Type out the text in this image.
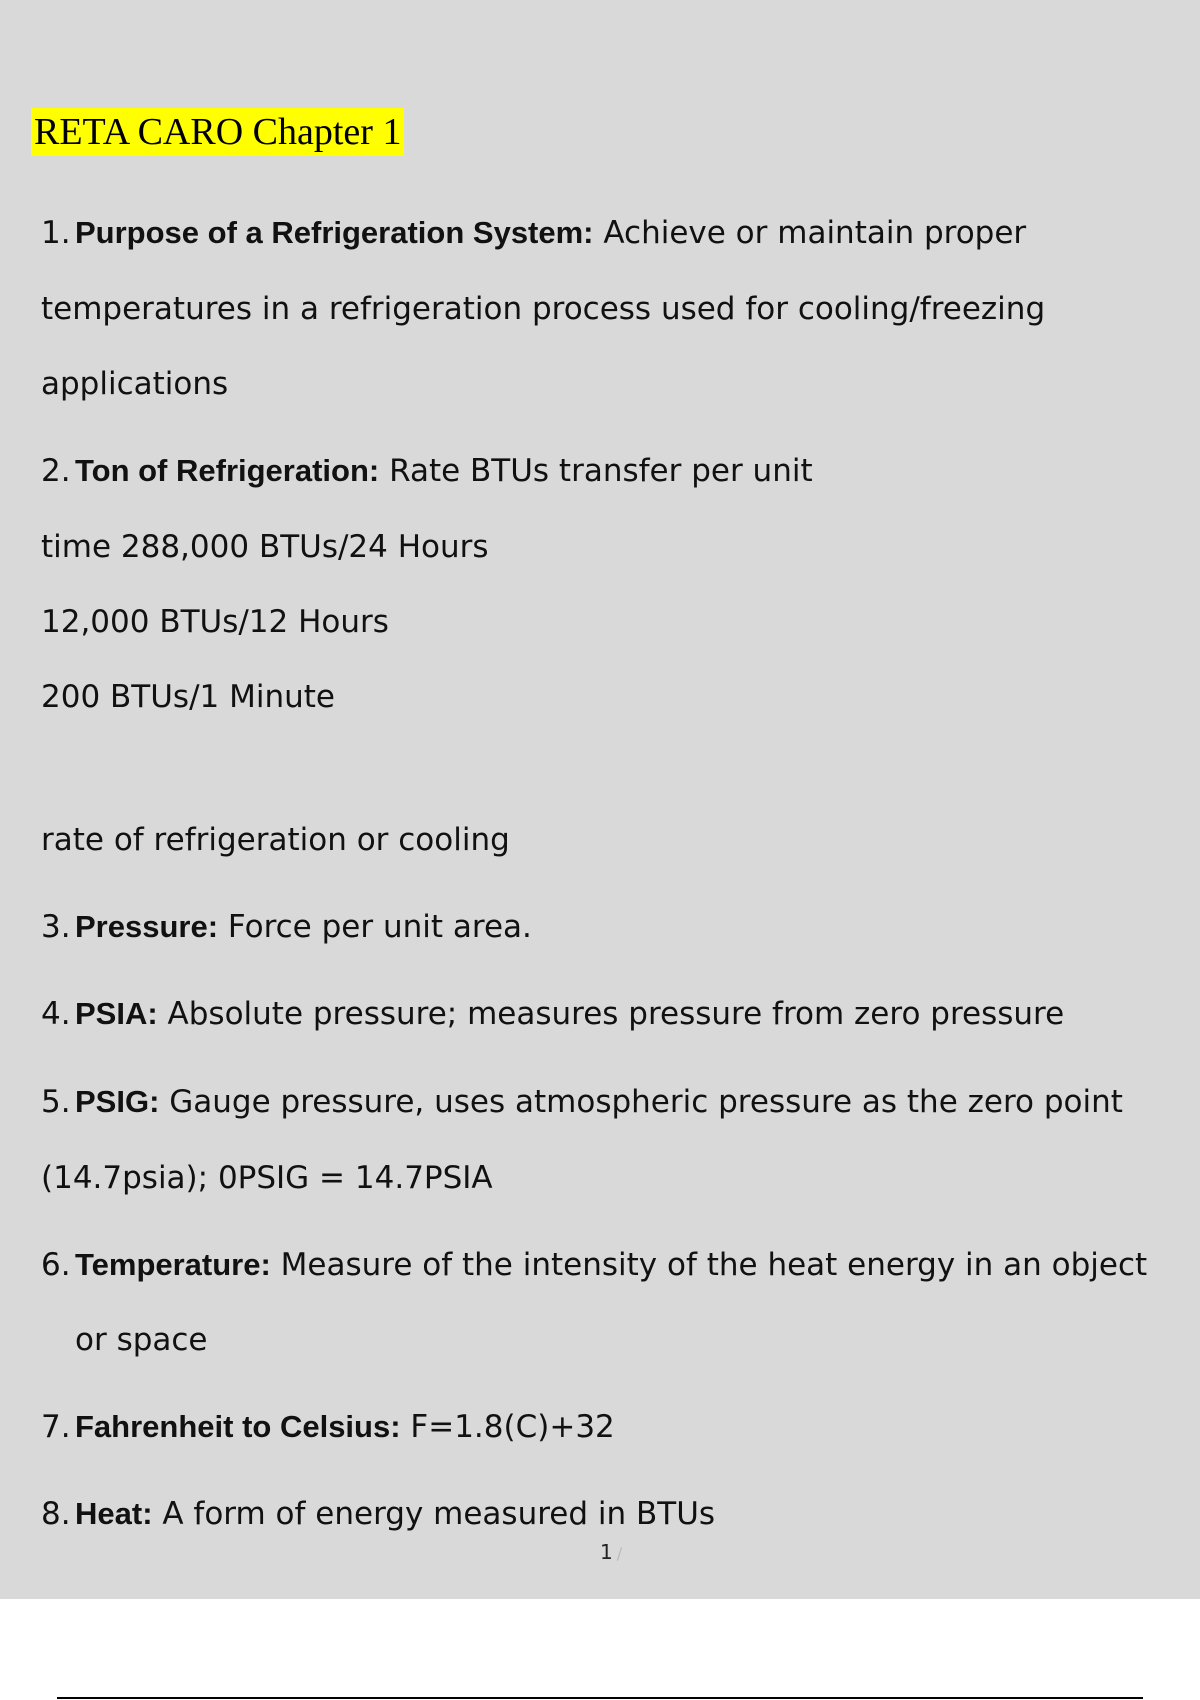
RETA CARO Chapter 1
1. Purpose of a Refrigeration System: Achieve or maintain proper
temperatures in a refrigeration process used for cooling/freezing
applications
2. Ton of Refrigeration: Rate BTUs transfer per unit
time 288,000 BTUs/24 Hours
12,000 BTUs/12 Hours
200 BTUs/1 Minute
rate of refrigeration or cooling
3. Pressure: Force per unit area.
4. PSIA: Absolute pressure; measures pressure from zero pressure
5. PSIG: Gauge pressure, uses atmospheric pressure as the zero point
(14.7psia); 0PSIG = 14.7PSIA
6. Temperature: Measure of the intensity of the heat energy in an object
or space
7. Fahrenheit to Celsius: F=1.8(C)+32
8. Heat: A form of energy measured in BTUs
1 /
